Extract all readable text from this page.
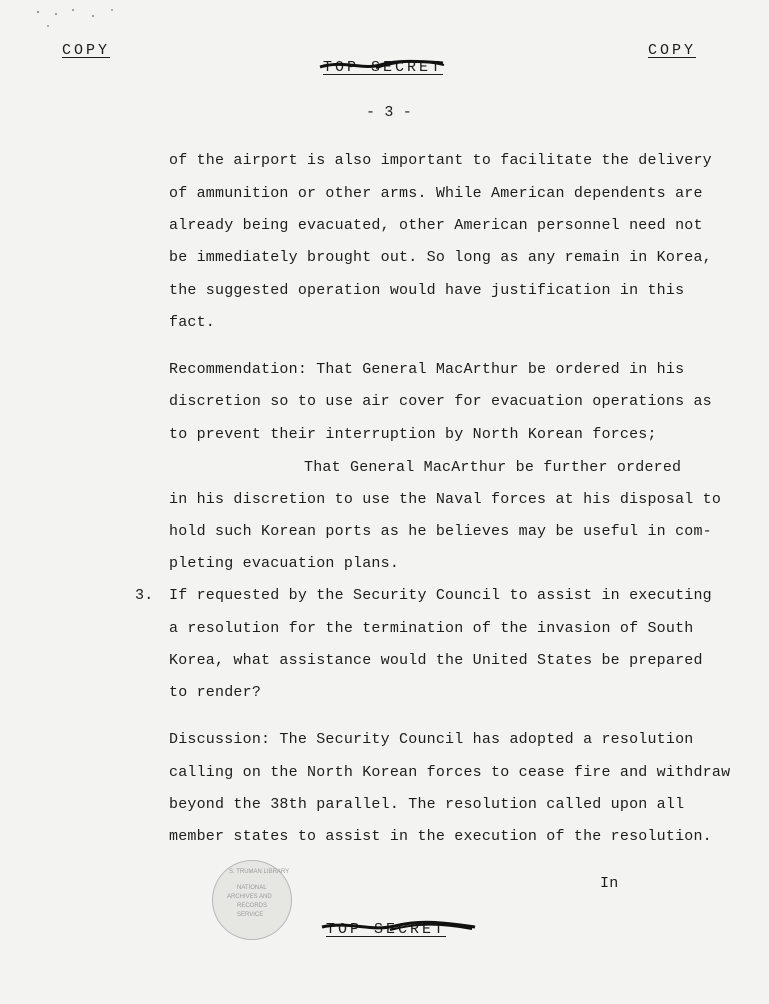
COPY	COPY
TOP SECRET
- 3 -
of the airport is also important to facilitate the delivery
of ammunition or other arms. While American dependents are
already being evacuated, other American personnel need not
be immediately brought out. So long as any remain in Korea,
the suggested operation would have justification in this
fact.
Recommendation: That General MacArthur be ordered in his
discretion so to use air cover for evacuation operations as
to prevent their interruption by North Korean forces;
That General MacArthur be further ordered
in his discretion to use the Naval forces at his disposal to
hold such Korean ports as he believes may be useful in com-
pleting evacuation plans.
3. If requested by the Security Council to assist in executing
a resolution for the termination of the invasion of South
Korea, what assistance would the United States be prepared
to render?
Discussion: The Security Council has adopted a resolution
calling on the North Korean forces to cease fire and withdraw
beyond the 38th parallel. The resolution called upon all
member states to assist in the execution of the resolution.
In
S. TRUMAN LIBRARY
NATIONAL
ARCHIVES AND
RECORDS
SERVICE
TOP SECRET
